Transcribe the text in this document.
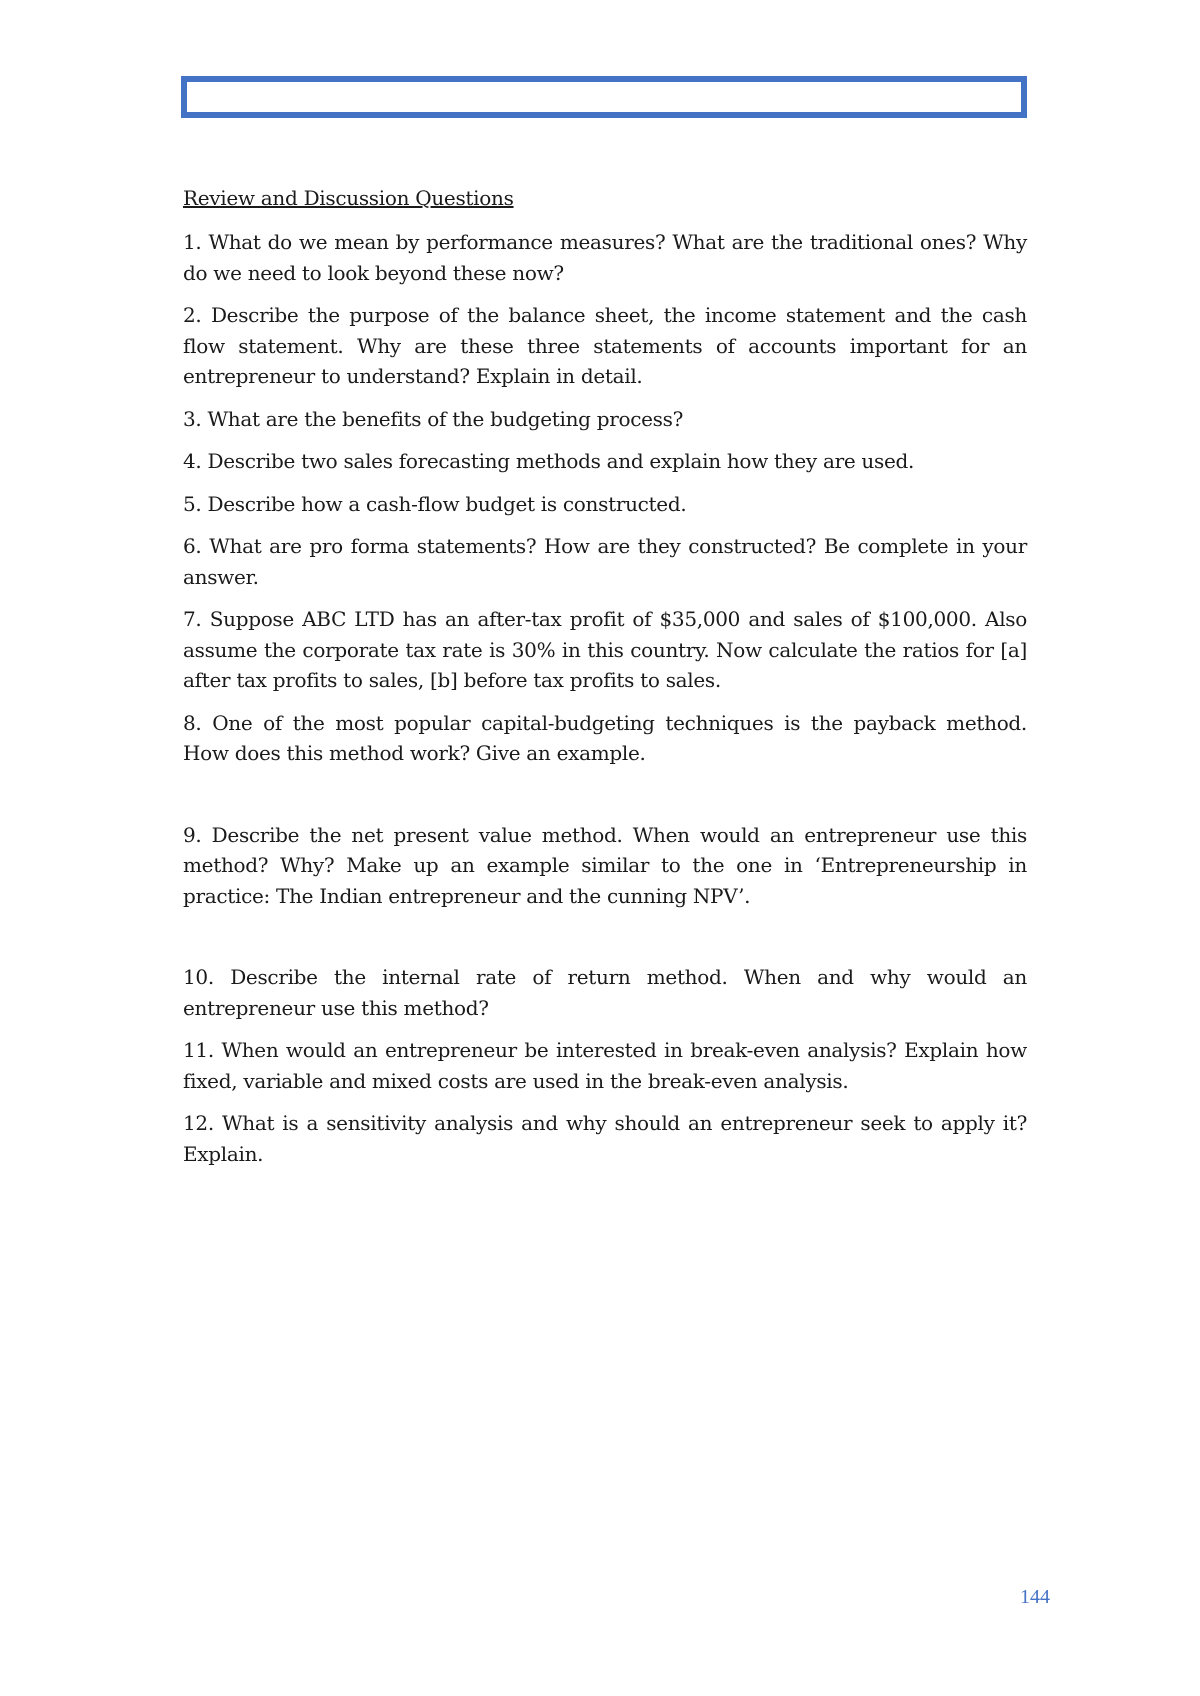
Review and Discussion Questions

1. What do we mean by performance measures? What are the traditional ones? Why do we need to look beyond these now?

2. Describe the purpose of the balance sheet, the income statement and the cash flow statement. Why are these three statements of accounts important for an entrepreneur to understand? Explain in detail.

3. What are the benefits of the budgeting process?

4. Describe two sales forecasting methods and explain how they are used.

5. Describe how a cash-flow budget is constructed.

6. What are pro forma statements? How are they constructed? Be complete in your answer.

7. Suppose ABC LTD has an after-tax profit of $35,000 and sales of $100,000. Also assume the corporate tax rate is 30% in this country. Now calculate the ratios for [a] after tax profits to sales, [b] before tax profits to sales.

8. One of the most popular capital-budgeting techniques is the payback method. How does this method work? Give an example.

9. Describe the net present value method. When would an entrepreneur use this method? Why? Make up an example similar to the one in ‘Entrepreneurship in practice: The Indian entrepreneur and the cunning NPV’.

10. Describe the internal rate of return method. When and why would an entrepreneur use this method?

11. When would an entrepreneur be interested in break-even analysis? Explain how fixed, variable and mixed costs are used in the break-even analysis.

12. What is a sensitivity analysis and why should an entrepreneur seek to apply it? Explain.

144
